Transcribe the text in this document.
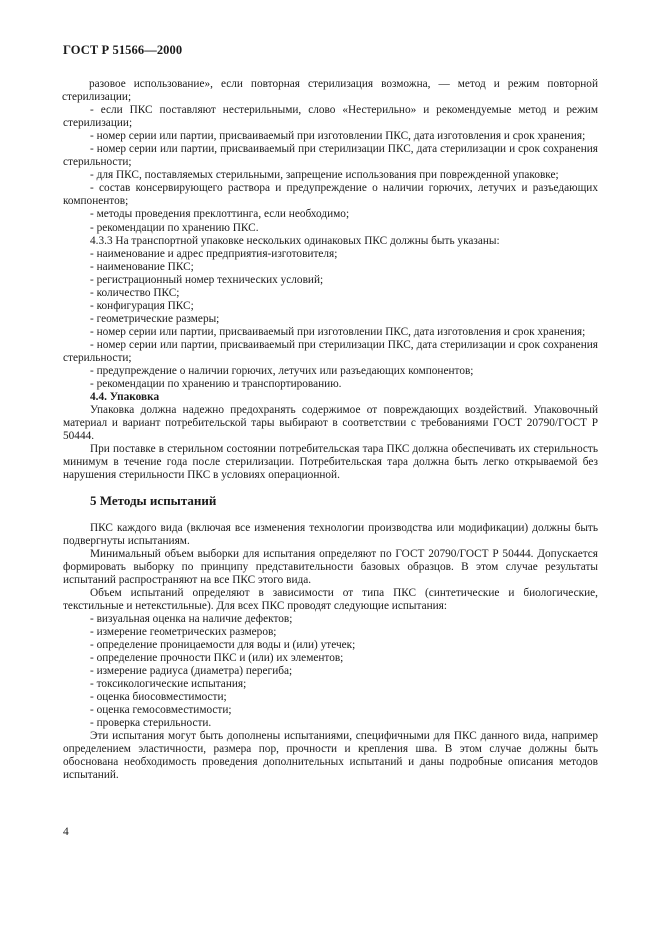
ГОСТ Р 51566—2000

разовое использование», если повторная стерилизация возможна, — метод и режим повторной стерилизации;

- если ПКС поставляют нестерильными, слово «Нестерильно» и рекомендуемые метод и режим стерилизации;

- номер серии или партии, присваиваемый при изготовлении ПКС, дата изготовления и срок хранения;

- номер серии или партии, присваиваемый при стерилизации ПКС, дата стерилизации и срок сохранения стерильности;

- для ПКС, поставляемых стерильными, запрещение использования при поврежденной упаковке;

- состав консервирующего раствора и предупреждение о наличии горючих, летучих и разъедающих компонентов;

- методы проведения преклоттинга, если необходимо;

- рекомендации по хранению ПКС.

4.3.3 На транспортной упаковке нескольких одинаковых ПКС должны быть указаны:

- наименование и адрес предприятия-изготовителя;

- наименование ПКС;

- регистрационный номер технических условий;

- количество ПКС;

- конфигурация ПКС;

- геометрические размеры;

- номер серии или партии, присваиваемый при изготовлении ПКС, дата изготовления и срок хранения;

- номер серии или партии, присваиваемый при стерилизации ПКС, дата стерилизации и срок сохранения стерильности;

- предупреждение о наличии горючих, летучих или разъедающих компонентов;

- рекомендации по хранению и транспортированию.

4.4. Упаковка

Упаковка должна надежно предохранять содержимое от повреждающих воздействий. Упаковочный материал и вариант потребительской тары выбирают в соответствии с требованиями ГОСТ 20790/ГОСТ Р 50444.

При поставке в стерильном состоянии потребительская тара ПКС должна обеспечивать их стерильность минимум в течение года после стерилизации. Потребительская тара должна быть легко открываемой без нарушения стерильности ПКС в условиях операционной.

5 Методы испытаний

ПКС каждого вида (включая все изменения технологии производства или модификации) должны быть подвергнуты испытаниям.

Минимальный объем выборки для испытания определяют по ГОСТ 20790/ГОСТ Р 50444. Допускается формировать выборку по принципу представительности базовых образцов. В этом случае результаты испытаний распространяют на все ПКС этого вида.

Объем испытаний определяют в зависимости от типа ПКС (синтетические и биологические, текстильные и нетекстильные). Для всех ПКС проводят следующие испытания:

- визуальная оценка на наличие дефектов;

- измерение геометрических размеров;

- определение проницаемости для воды и (или) утечек;

- определение прочности ПКС и (или) их элементов;

- измерение радиуса (диаметра) перегиба;

- токсикологические испытания;

- оценка биосовместимости;

- оценка гемосовместимости;

- проверка стерильности.

Эти испытания могут быть дополнены испытаниями, специфичными для ПКС данного вида, например определением эластичности, размера пор, прочности и крепления шва. В этом случае должны быть обоснована необходимость проведения дополнительных испытаний и даны подробные описания методов испытаний.

4
